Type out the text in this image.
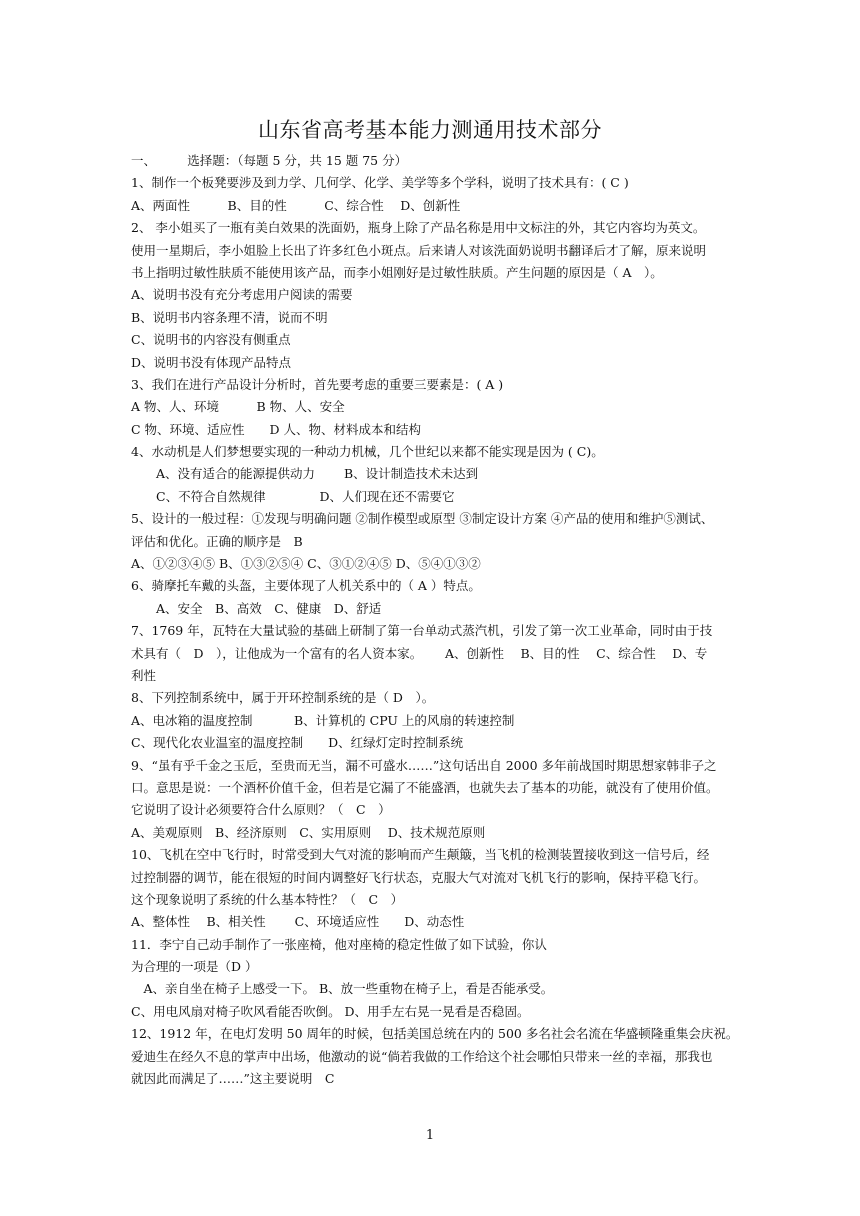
山东省高考基本能力测通用技术部分
一、　　　选择题：（每题 5 分，共 15 题 75 分）
1、制作一个板凳要涉及到力学、几何学、化学、美学等多个学科，说明了技术具有：( C )
A、两面性　　　B、目的性　　　C、综合性　 D、创新性
2、 李小姐买了一瓶有美白效果的洗面奶，瓶身上除了产品名称是用中文标注的外，其它内容均为英文。
使用一星期后，李小姐脸上长出了许多红色小斑点。后来请人对该洗面奶说明书翻译后才了解，原来说明
书上指明过敏性肤质不能使用该产品，而李小姐刚好是过敏性肤质。产生问题的原因是（ A　）。
A、说明书没有充分考虑用户阅读的需要
B、说明书内容条理不清，说而不明
C、说明书的内容没有侧重点
D、说明书没有体现产品特点
3、我们在进行产品设计分析时，首先要考虑的重要三要素是：( A )
A 物、人、环境　　　B 物、人、安全
C 物、环境、适应性　　D 人、物、材料成本和结构
4、水动机是人们梦想要实现的一种动力机械，几个世纪以来都不能实现是因为 ( C)。
　　A、没有适合的能源提供动力　　 B、设计制造技术未达到
　　C、不符合自然规律　　　　 D、人们现在还不需要它
5、设计的一般过程：①发现与明确问题 ②制作模型或原型 ③制定设计方案 ④产品的使用和维护⑤测试、
评估和优化。正确的顺序是　B
A、①②③④⑤ B、①③②⑤④ C、③①②④⑤ D、⑤④①③②
6、骑摩托车戴的头盔，主要体现了人机关系中的（ A ）特点。
　　A、安全　B、高效　C、健康　D、舒适
7、1769 年，瓦特在大量试验的基础上研制了第一台单动式蒸汽机，引发了第一次工业革命，同时由于技
术具有（　D　），让他成为一个富有的名人资本家。　　 A、创新性　 B、目的性　 C、综合性　 D、专
利性
8、下列控制系统中，属于开环控制系统的是（ D　）。
A、电冰箱的温度控制　　　 B、计算机的 CPU 上的风扇的转速控制
C、现代化农业温室的温度控制　　D、红绿灯定时控制系统
9、“虽有乎千金之玉卮，至贵而无当，漏不可盛水……”这句话出自 2000 多年前战国时期思想家韩非子之
口。意思是说：一个酒杯价值千金，但若是它漏了不能盛酒，也就失去了基本的功能，就没有了使用价值。
它说明了设计必须要符合什么原则？（　C　）
A、美观原则　B、经济原则　C、实用原则　 D、技术规范原则
10、飞机在空中飞行时，时常受到大气对流的影响而产生颠簸，当飞机的检测装置接收到这一信号后，经
过控制器的调节，能在很短的时间内调整好飞行状态，克服大气对流对飞机飞行的影响，保持平稳飞行。
这个现象说明了系统的什么基本特性？（　C　）
A、整体性　 B、相关性　　 C、环境适应性　　D、动态性
11．李宁自己动手制作了一张座椅，他对座椅的稳定性做了如下试验，你认
为合理的一项是（D ）
　A、亲自坐在椅子上感受一下。 B、放一些重物在椅子上，看是否能承受。
C、用电风扇对椅子吹风看能否吹倒。 D、用手左右晃一晃看是否稳固。
12、1912 年，在电灯发明 50 周年的时候，包括美国总统在内的 500 多名社会名流在华盛顿隆重集会庆祝。
爱迪生在经久不息的掌声中出场，他激动的说“倘若我做的工作给这个社会哪怕只带来一丝的幸福，那我也
就因此而满足了……”这主要说明　C
1
